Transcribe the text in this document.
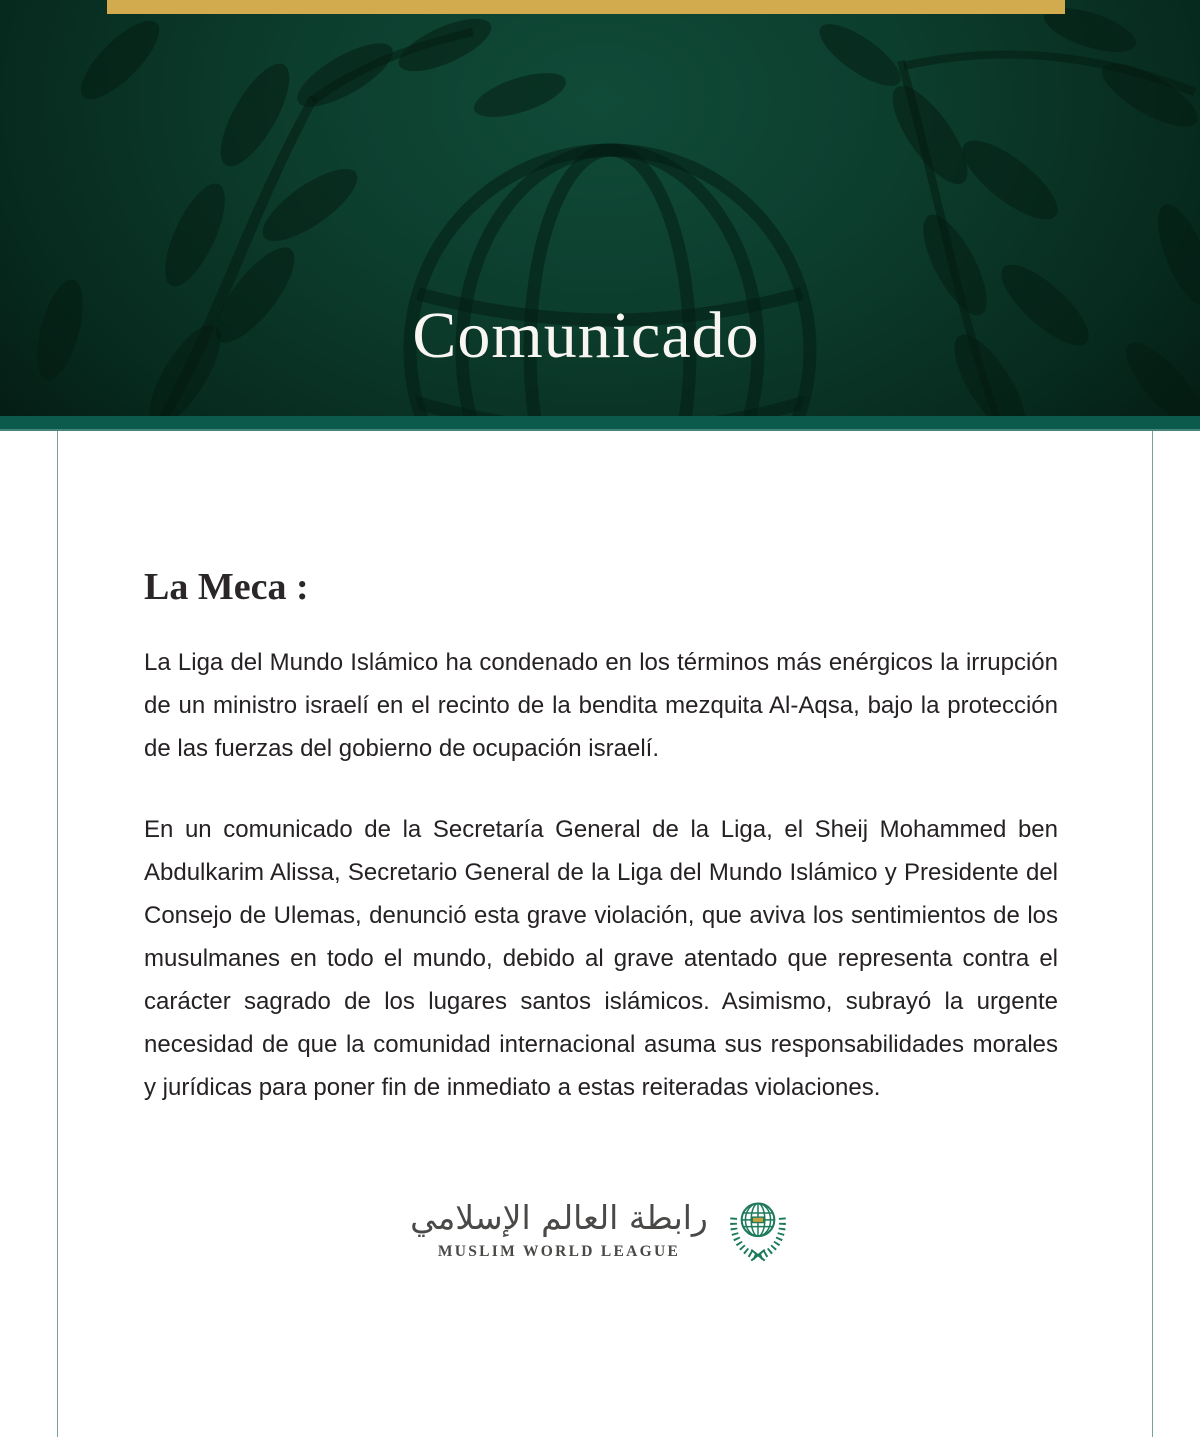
Comunicado
La Meca :

La Liga del Mundo Islámico ha condenado en los términos más enérgicos la irrupción de un ministro israelí en el recinto de la bendita mezquita Al-Aqsa, bajo la protección de las fuerzas del gobierno de ocupación israelí.

En un comunicado de la Secretaría General de la Liga, el Sheij Mohammed ben Abdulkarim Alissa, Secretario General de la Liga del Mundo Islámico y Presidente del Consejo de Ulemas, denunció esta grave violación, que aviva los sentimientos de los musulmanes en todo el mundo, debido al grave atentado que representa contra el carácter sagrado de los lugares santos islámicos. Asimismo, subrayó la urgente necesidad de que la comunidad internacional asuma sus responsabilidades morales y jurídicas para poner fin de inmediato a estas reiteradas violaciones.

رابطة العالم الإسلامي
MUSLIM WORLD LEAGUE
